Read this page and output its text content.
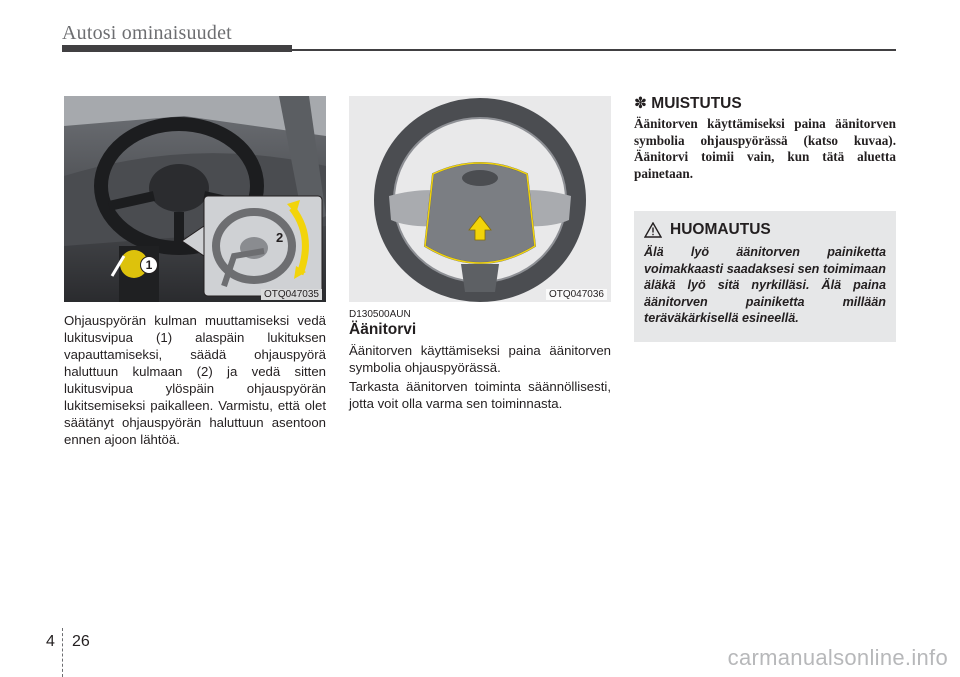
Autosi ominaisuudet
1
2
OTQ047035	OTQ047036

Ohjauspyörän kulman muuttamiseksi vedä lukitusvipua (1) alaspäin lukituksen vapauttamiseksi, säädä ohjauspyörä haluttuun kulmaan (2) ja vedä sitten lukitusvipua ylöspäin ohjauspyörän lukitsemiseksi paikalleen. Varmistu, että olet säätänyt ohjauspyörän haluttuun asentoon ennen ajoon lähtöä.

D130500AUN
Äänitorvi

Äänitorven käyttämiseksi paina äänitorven symbolia ohjauspyörässä.

Tarkasta äänitorven toiminta säännöllisesti, jotta voit olla varma sen toiminnasta.

✽ MUISTUTUS

Äänitorven käyttämiseksi paina äänitorven symbolia ohjauspyörässä (katso kuvaa). Äänitorvi toimii vain, kun tätä aluetta painetaan.

HUOMAUTUS

Älä lyö äänitorven painiketta voimakkaasti saadaksesi sen toimimaan äläkä lyö sitä nyrkilläsi. Älä paina äänitorven painiketta millään teräväkärkisellä esineellä.

4 26
carmanualsonline.info
